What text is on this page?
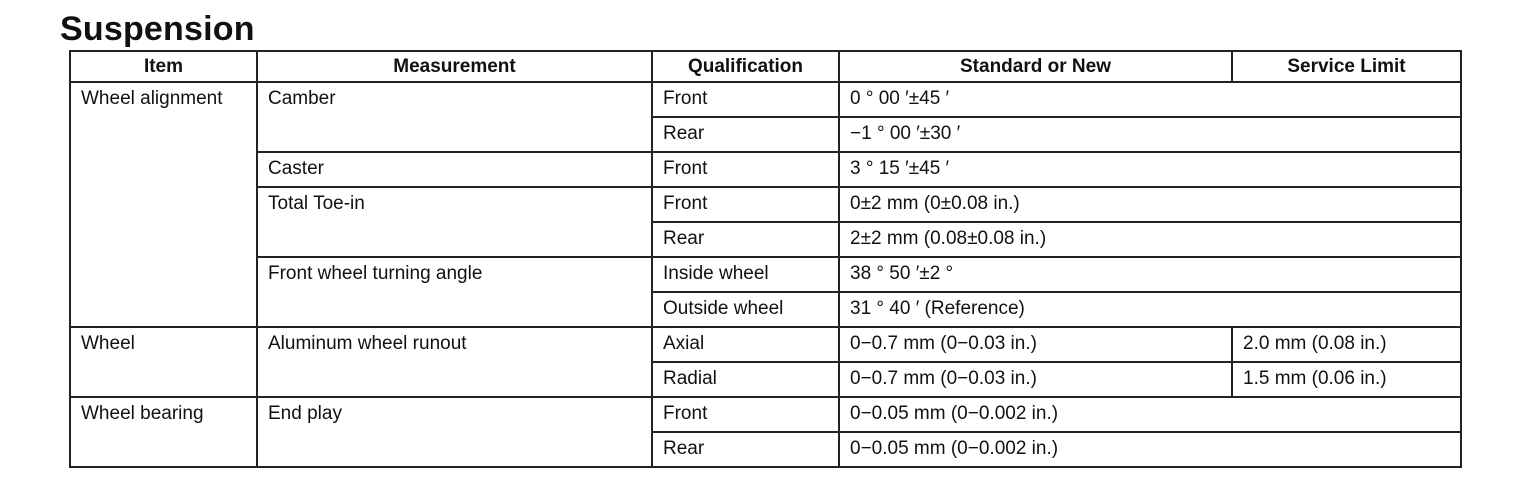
Suspension
Item	Measurement	Qualification	Standard or New	Service Limit
Wheel alignment	Camber	Front	0 ° 00 ′±45 ′	
		Rear	−1 ° 00 ′±30 ′	
	Caster	Front	3 ° 15 ′±45 ′	
	Total Toe-in	Front	0±2 mm (0±0.08 in.)	
		Rear	2±2 mm (0.08±0.08 in.)	
	Front wheel turning angle	Inside wheel	38 ° 50 ′±2 °	
		Outside wheel	31 ° 40 ′ (Reference)	
Wheel	Aluminum wheel runout	Axial	0−0.7 mm (0−0.03 in.)	2.0 mm (0.08 in.)
		Radial	0−0.7 mm (0−0.03 in.)	1.5 mm (0.06 in.)
Wheel bearing	End play	Front	0−0.05 mm (0−0.002 in.)	
		Rear	0−0.05 mm (0−0.002 in.)	
